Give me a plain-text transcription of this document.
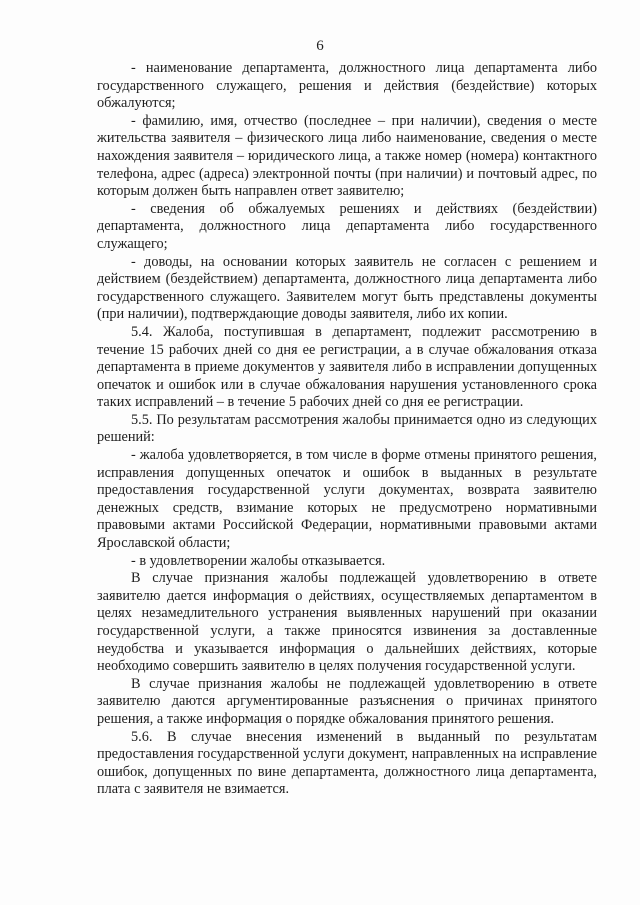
6

- наименование департамента, должностного лица департамента либо государственного служащего, решения и действия (бездействие) которых обжалуются;

- фамилию, имя, отчество (последнее – при наличии), сведения о месте жительства заявителя – физического лица либо наименование, сведения о месте нахождения заявителя – юридического лица, а также номер (номера) контактного телефона, адрес (адреса) электронной почты (при наличии) и почтовый адрес, по которым должен быть направлен ответ заявителю;

- сведения об обжалуемых решениях и действиях (бездействии) департамента, должностного лица департамента либо государственного служащего;

- доводы, на основании которых заявитель не согласен с решением и действием (бездействием) департамента, должностного лица департамента либо государственного служащего. Заявителем могут быть представлены документы (при наличии), подтверждающие доводы заявителя, либо их копии.

5.4. Жалоба, поступившая в департамент, подлежит рассмотрению в течение 15 рабочих дней со дня ее регистрации, а в случае обжалования отказа департамента в приеме документов у заявителя либо в исправлении допущенных опечаток и ошибок или в случае обжалования нарушения установленного срока таких исправлений – в течение 5 рабочих дней со дня ее регистрации.

5.5. По результатам рассмотрения жалобы принимается одно из следующих решений:

- жалоба удовлетворяется, в том числе в форме отмены принятого решения, исправления допущенных опечаток и ошибок в выданных в результате предоставления государственной услуги документах, возврата заявителю денежных средств, взимание которых не предусмотрено нормативными правовыми актами Российской Федерации, нормативными правовыми актами Ярославской области;

- в удовлетворении жалобы отказывается.

В случае признания жалобы подлежащей удовлетворению в ответе заявителю дается информация о действиях, осуществляемых департаментом в целях незамедлительного устранения выявленных нарушений при оказании государственной услуги, а также приносятся извинения за доставленные неудобства и указывается информация о дальнейших действиях, которые необходимо совершить заявителю в целях получения государственной услуги.

В случае признания жалобы не подлежащей удовлетворению в ответе заявителю даются аргументированные разъяснения о причинах принятого решения, а также информация о порядке обжалования принятого решения.

5.6. В случае внесения изменений в выданный по результатам предоставления государственной услуги документ, направленных на исправление ошибок, допущенных по вине департамента, должностного лица департамента, плата с заявителя не взимается.
